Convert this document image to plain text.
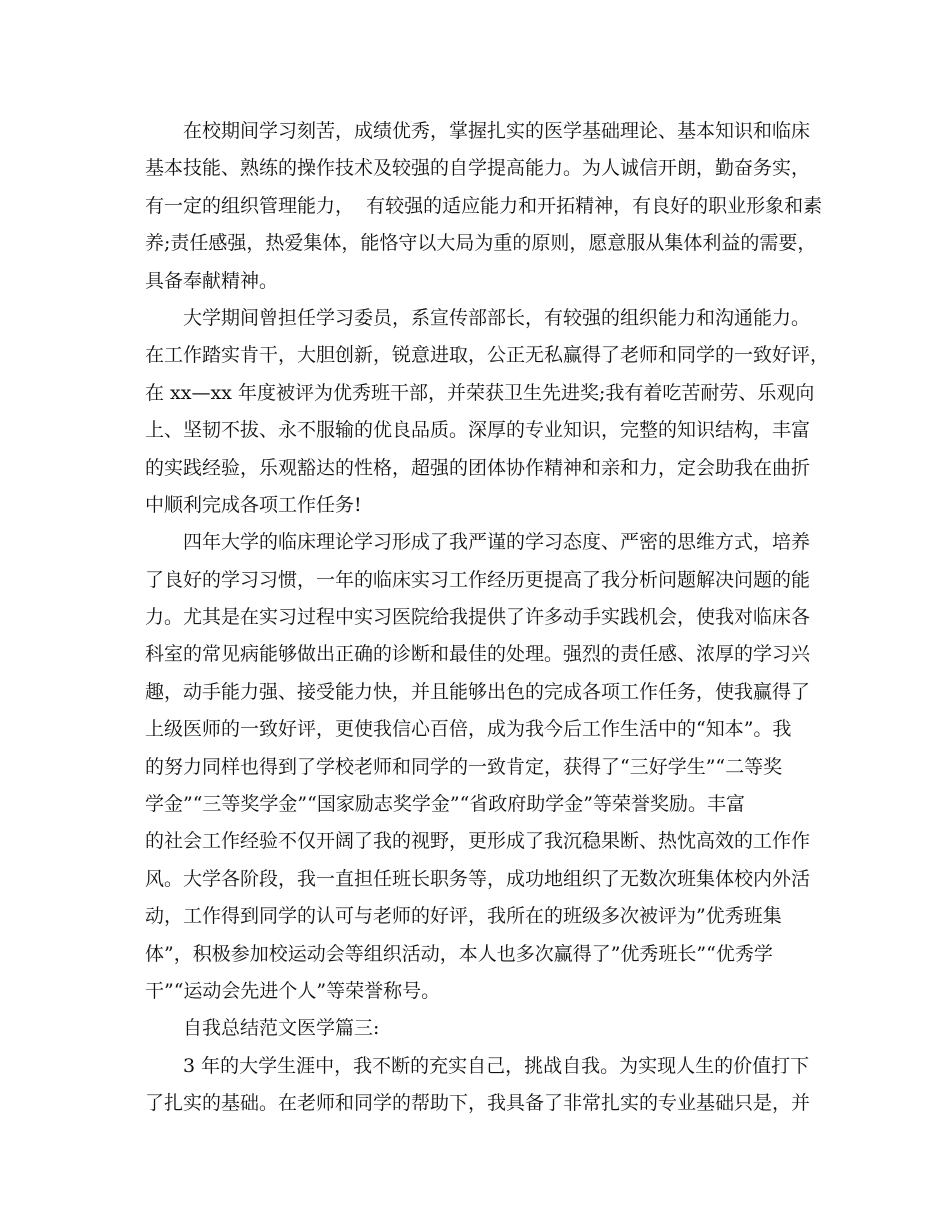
在校期间学习刻苦，成绩优秀，掌握扎实的医学基础理论、基本知识和临床
基本技能、熟练的操作技术及较强的自学提高能力。为人诚信开朗，勤奋务实，
有一定的组织管理能力，  有较强的适应能力和开拓精神，有良好的职业形象和素
养;责任感强，热爱集体，能恪守以大局为重的原则，愿意服从集体利益的需要，
具备奉献精神。
大学期间曾担任学习委员，系宣传部部长，有较强的组织能力和沟通能力。
在工作踏实肯干，大胆创新，锐意进取，公正无私赢得了老师和同学的一致好评，
在 xx—xx 年度被评为优秀班干部，并荣获卫生先进奖;我有着吃苦耐劳、乐观向
上、坚韧不拔、永不服输的优良品质。深厚的专业知识，完整的知识结构，丰富
的实践经验，乐观豁达的性格，超强的团体协作精神和亲和力，定会助我在曲折
中顺利完成各项工作任务!
四年大学的临床理论学习形成了我严谨的学习态度、严密的思维方式，培养
了良好的学习习惯，一年的临床实习工作经历更提高了我分析问题解决问题的能
力。尤其是在实习过程中实习医院给我提供了许多动手实践机会，使我对临床各
科室的常见病能够做出正确的诊断和最佳的处理。强烈的责任感、浓厚的学习兴
趣，动手能力强、接受能力快，并且能够出色的完成各项工作任务，使我赢得了
上级医师的一致好评，更使我信心百倍，成为我今后工作生活中的“知本”。我
的努力同样也得到了学校老师和同学的一致肯定，获得了“三好学生”“二等奖
学金”“三等奖学金”“国家励志奖学金”“省政府助学金”等荣誉奖励。丰富
的社会工作经验不仅开阔了我的视野，更形成了我沉稳果断、热忱高效的工作作
风。大学各阶段，我一直担任班长职务等，成功地组织了无数次班集体校内外活
动，工作得到同学的认可与老师的好评，我所在的班级多次被评为”优秀班集
体”，积极参加校运动会等组织活动，本人也多次赢得了”优秀班长”“优秀学
干”“运动会先进个人”等荣誉称号。
自我总结范文医学篇三:
3 年的大学生涯中，我不断的充实自己，挑战自我。为实现人生的价值打下
了扎实的基础。在老师和同学的帮助下，我具备了非常扎实的专业基础只是，并
